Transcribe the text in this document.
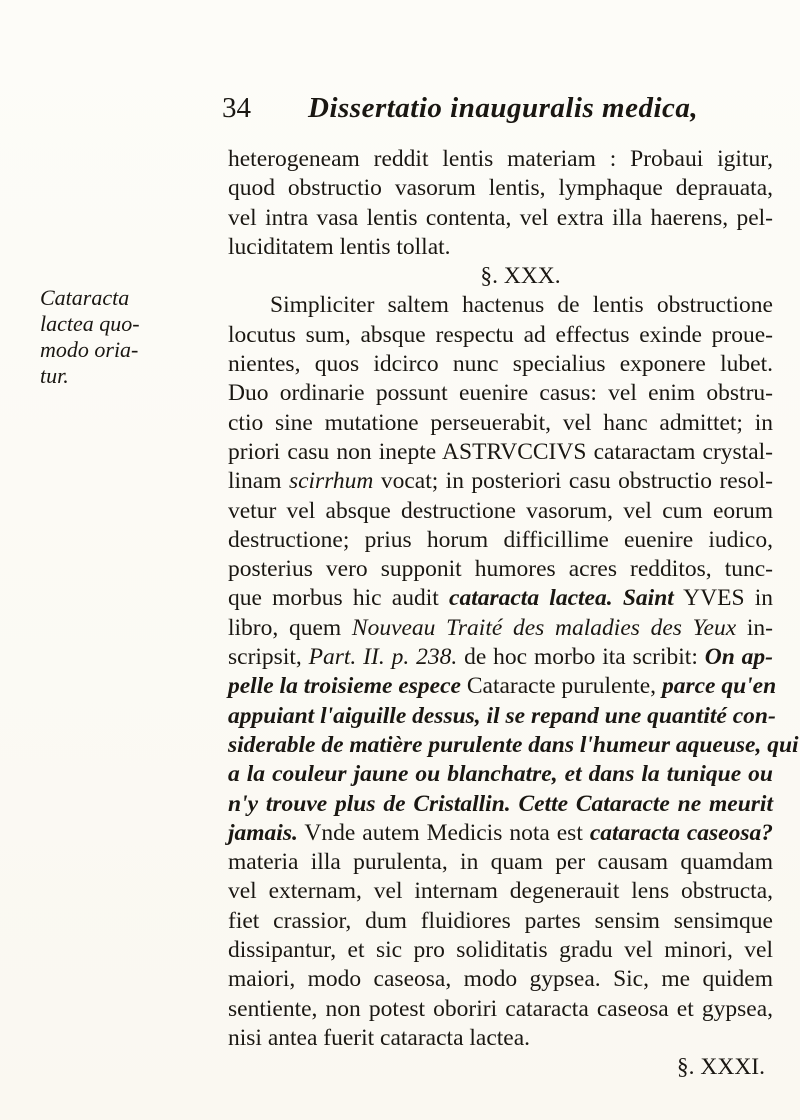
34 Dissertatio inauguralis medica,
Cataracta
lactea quo-
modo oria-
tur.
heterogeneam reddit lentis materiam : Probaui igitur,
quod obstructio vasorum lentis, lymphaque deprauata,
vel intra vasa lentis contenta, vel extra illa haerens, pel-
luciditatem lentis tollat.
§. XXX.
Simpliciter saltem hactenus de lentis obstructione
locutus sum, absque respectu ad effectus exinde proue-
nientes, quos idcirco nunc specialius exponere lubet.
Duo ordinarie possunt euenire casus: vel enim obstru-
ctio sine mutatione perseuerabit, vel hanc admittet; in
priori casu non inepte ASTRVCCIVS cataractam crystal-
linam scirrhum vocat; in posteriori casu obstructio resol-
vetur vel absque destructione vasorum, vel cum eorum
destructione; prius horum difficillime euenire iudico,
posterius vero supponit humores acres redditos, tunc-
que morbus hic audit cataracta lactea. Saint YVES in
libro, quem Nouveau Traité des maladies des Yeux in-
scripsit, Part. II. p. 238. de hoc morbo ita scribit: On ap-
pelle la troisieme espece Cataracte purulente, parce qu'en
appuiant l'aiguille dessus, il se repand une quantité con-
siderable de matière purulente dans l'humeur aqueuse, qui
a la couleur jaune ou blanchatre, et dans la tunique ou
n'y trouve plus de Cristallin. Cette Cataracte ne meurit
jamais. Vnde autem Medicis nota est cataracta caseosa?
materia illa purulenta, in quam per causam quamdam
vel externam, vel internam degenerauit lens obstructa,
fiet crassior, dum fluidiores partes sensim sensimque
dissipantur, et sic pro soliditatis gradu vel minori, vel
maiori, modo caseosa, modo gypsea. Sic, me quidem
sentiente, non potest oboriri cataracta caseosa et gypsea,
nisi antea fuerit cataracta lactea.
§. XXXI.
